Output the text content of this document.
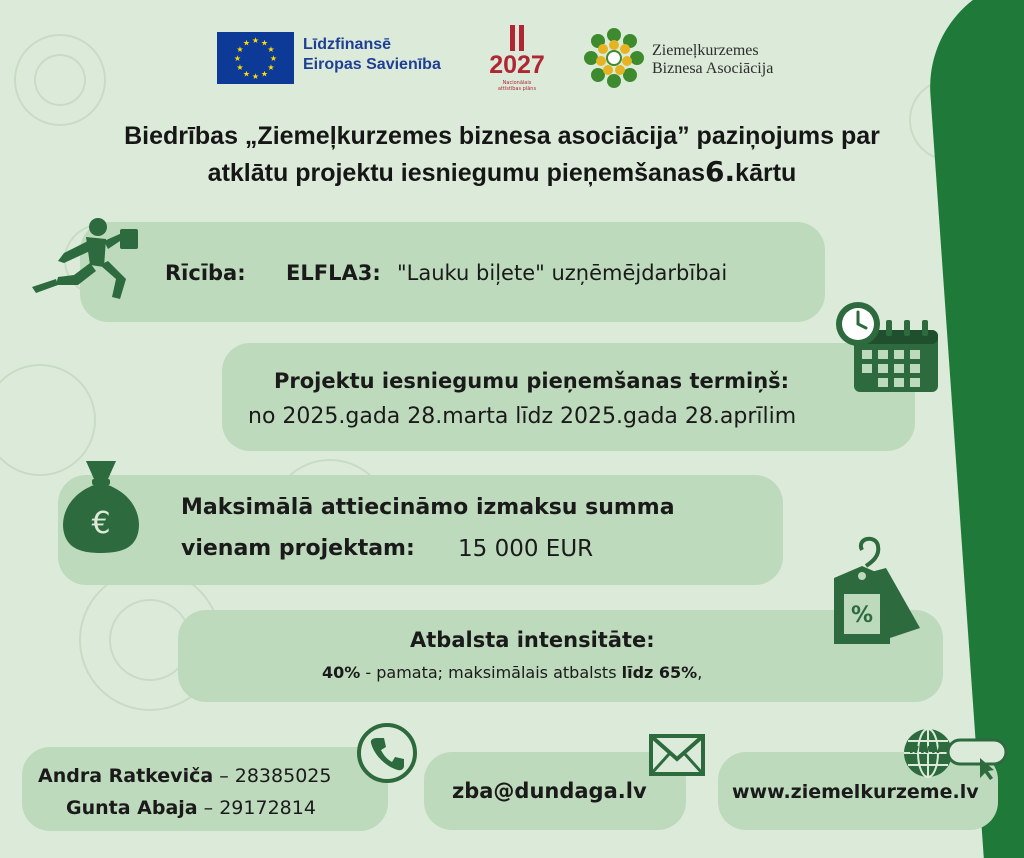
★ ★
★
★
★
★
★
★
★
★
★
★	Līdzfinansē
Eiropas Savienība 2027
Nacionālais
attīstības plāns
Ziemeļkurzemes
Biznesa Asociācija
Biedrības „Ziemeļkurzemes biznesa asociācija” paziņojums par
atklātu projektu iesniegumu pieņemšanas6.kārtu
Rīcība: ELFLA3: "Lauku biļete" uzņēmējdarbībai
Projektu iesniegumu pieņemšanas termiņš:
no 2025.gada 28.marta līdz 2025.gada 28.aprīlim
€	Maksimālā attiecināmo izmaksu summa
vienam projektam: 15 000 EUR
%
Atbalsta intensitāte:
40% - pamata; maksimālais atbalsts līdz 65%,
Andra Ratkeviča – 28385025
Gunta Abaja – 29172814
zba@dundaga.lv
www
www.ziemelkurzeme.lv
